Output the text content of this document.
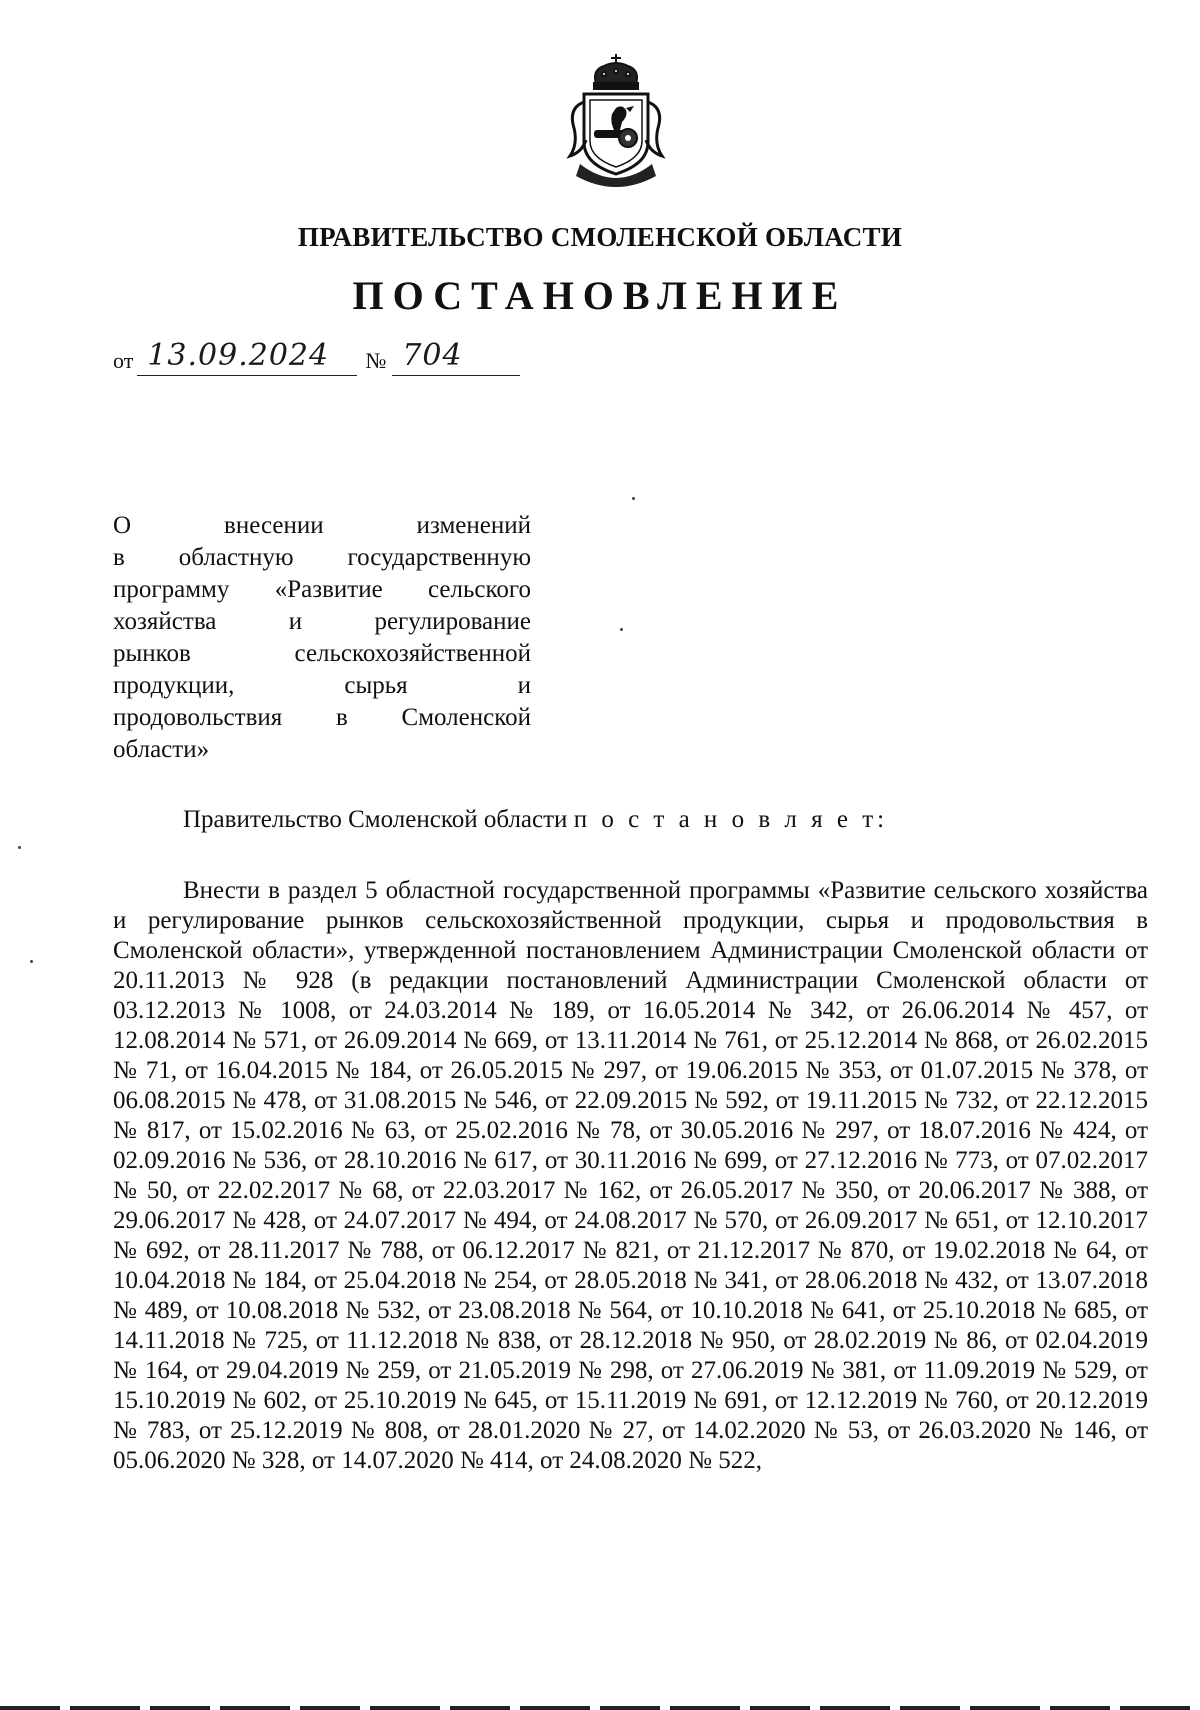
ПРАВИТЕЛЬСТВО СМОЛЕНСКОЙ ОБЛАСТИ
ПОСТАНОВЛЕНИЕ
от 13.09.2024 № 704
О внесении изменений
в областную государственную
программу «Развитие сельского
хозяйства и регулирование
рынков сельскохозяйственной
продукции, сырья и
продовольствия в Смоленской
области»
Правительство Смоленской области п о с т а н о в л я е т:

Внести в раздел 5 областной государственной программы «Развитие сельского хозяйства и регулирование рынков сельскохозяйственной продукции, сырья и продовольствия в Смоленской области», утвержденной постановлением Администрации Смоленской области от 20.11.2013 № 928 (в редакции постановлений Администрации Смоленской области от 03.12.2013 № 1008, от 24.03.2014 № 189, от 16.05.2014 № 342, от 26.06.2014 № 457, от 12.08.2014 № 571, от 26.09.2014 № 669, от 13.11.2014 № 761, от 25.12.2014 № 868, от 26.02.2015 № 71, от 16.04.2015 № 184, от 26.05.2015 № 297, от 19.06.2015 № 353, от 01.07.2015 № 378, от 06.08.2015 № 478, от 31.08.2015 № 546, от 22.09.2015 № 592, от 19.11.2015 № 732, от 22.12.2015 № 817, от 15.02.2016 № 63, от 25.02.2016 № 78, от 30.05.2016 № 297, от 18.07.2016 № 424, от 02.09.2016 № 536, от 28.10.2016 № 617, от 30.11.2016 № 699, от 27.12.2016 № 773, от 07.02.2017 № 50, от 22.02.2017 № 68, от 22.03.2017 № 162, от 26.05.2017 № 350, от 20.06.2017 № 388, от 29.06.2017 № 428, от 24.07.2017 № 494, от 24.08.2017 № 570, от 26.09.2017 № 651, от 12.10.2017 № 692, от 28.11.2017 № 788, от 06.12.2017 № 821, от 21.12.2017 № 870, от 19.02.2018 № 64, от 10.04.2018 № 184, от 25.04.2018 № 254, от 28.05.2018 № 341, от 28.06.2018 № 432, от 13.07.2018 № 489, от 10.08.2018 № 532, от 23.08.2018 № 564, от 10.10.2018 № 641, от 25.10.2018 № 685, от 14.11.2018 № 725, от 11.12.2018 № 838, от 28.12.2018 № 950, от 28.02.2019 № 86, от 02.04.2019 № 164, от 29.04.2019 № 259, от 21.05.2019 № 298, от 27.06.2019 № 381, от 11.09.2019 № 529, от 15.10.2019 № 602, от 25.10.2019 № 645, от 15.11.2019 № 691, от 12.12.2019 № 760, от 20.12.2019 № 783, от 25.12.2019 № 808, от 28.01.2020 № 27, от 14.02.2020 № 53, от 26.03.2020 № 146, от 05.06.2020 № 328, от 14.07.2020 № 414, от 24.08.2020 № 522,
